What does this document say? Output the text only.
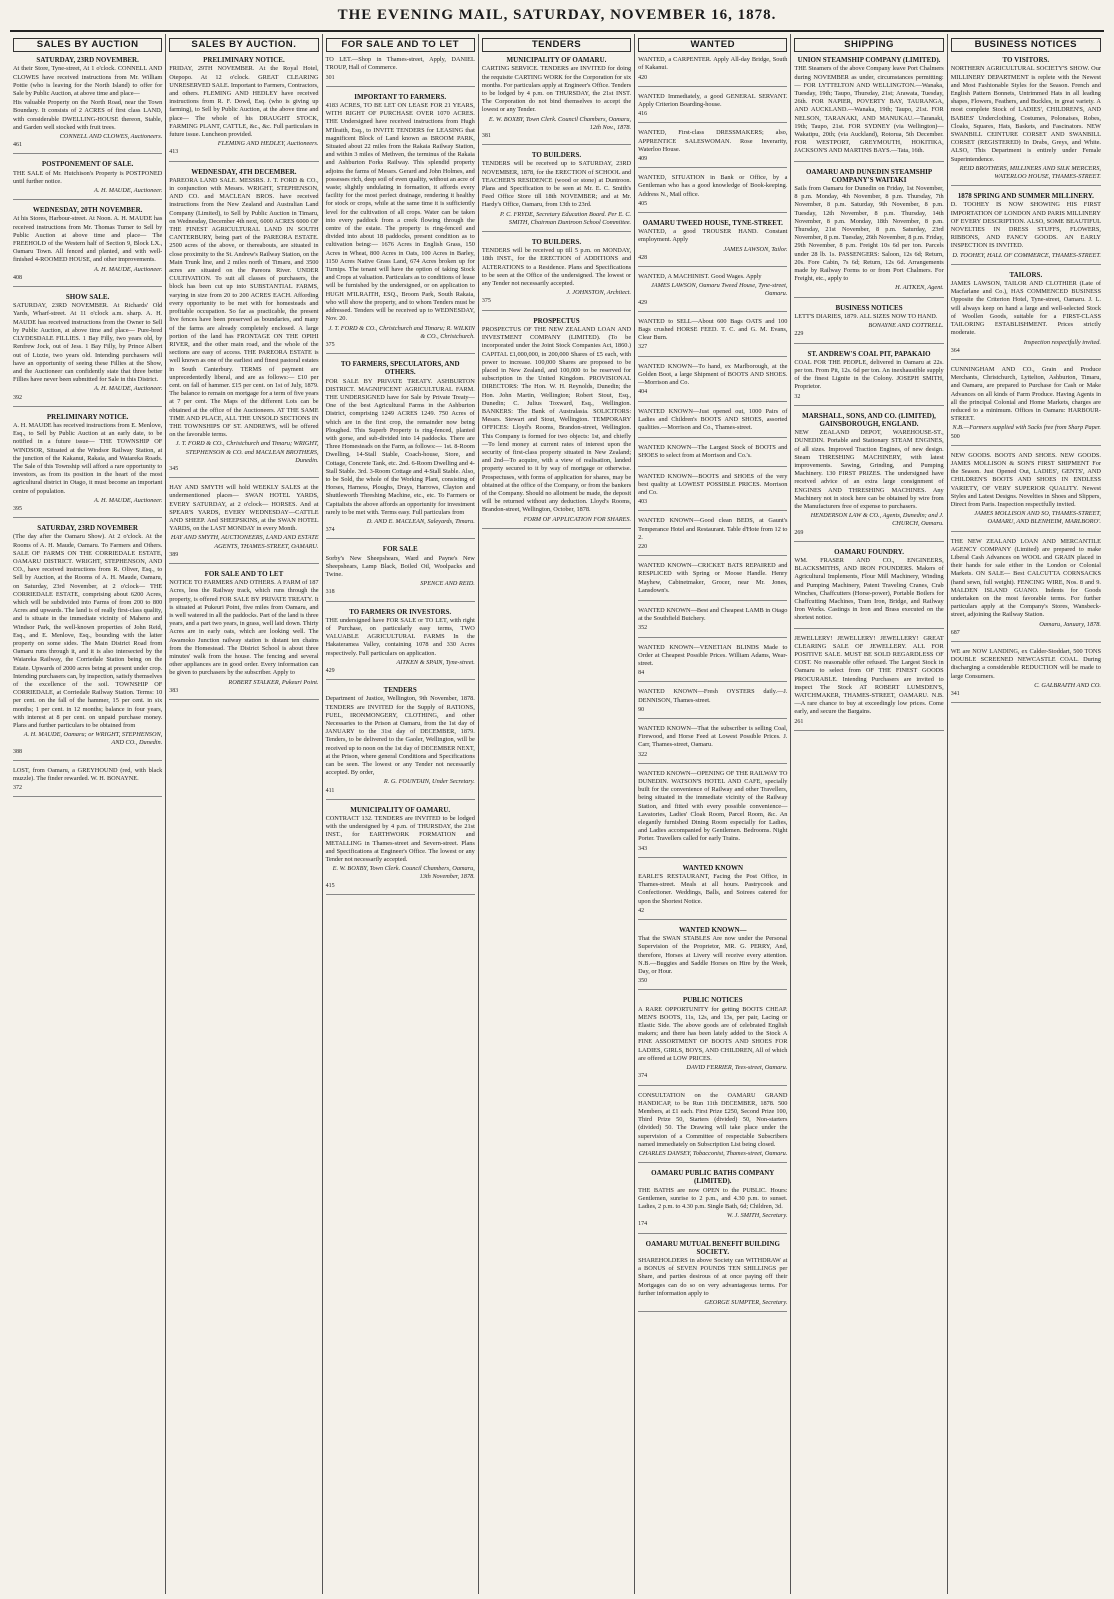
THE EVENING MAIL, SATURDAY, NOVEMBER 16, 1878.
SALES BY AUCTION
SATURDAY, 23RD NOVEMBER.

At their Store, Tyne-street, At 1 o'clock. CONNELL AND CLOWES have received instructions from Mr. William Pottie (who is leaving for the North Island) to offer for Sale by Public Auction, at above time and place—

His valuable Property on the North Road, near the Town Boundary. It consists of 2 ACRES of first class LAND, with considerable DWELLING-HOUSE thereon, Stable, and Garden well stocked with fruit trees.

CONNELL AND CLOWES, Auctioneers.
461
POSTPONEMENT OF SALE.

THE SALE of Mr. Hutchison's Property is POSTPONED until further notice.

A. H. MAUDE, Auctioneer.
WEDNESDAY, 20TH NOVEMBER.

At his Stores, Harbour-street. At Noon. A. H. MAUDE has received instructions from Mr. Thomas Turner to Sell by Public Auction at above time and place— The FREEHOLD of the Western half of Section 9, Block LX., Oamaru Town. All fenced and planted, and with well-finished 4-ROOMED HOUSE, and other improvements.

A. H. MAUDE, Auctioneer.
408
SHOW SALE.

SATURDAY, 23RD NOVEMBER. At Richards' Old Yards, Wharf-street. At 11 o'clock a.m. sharp. A. H. MAUDE has received instructions from the Owner to Sell by Public Auction, at above time and place— Pure-bred CLYDESDALE FILLIES. 1 Bay Filly, two years old, by Renfrew Jock, out of Jess. 1 Bay Filly, by Prince Albert out of Lizzie, two years old. Intending purchasers will have an opportunity of seeing these Fillies at the Show, and the Auctioneer can confidently state that three better Fillies have never been submitted for Sale in this District.

A. H. MAUDE, Auctioneer.
392
PRELIMINARY NOTICE.

A. H. MAUDE has received instructions from E. Menlove, Esq., to Sell by Public Auction at an early date, to be notified in a future issue— THE TOWNSHIP OF WINDSOR, Situated at the Windsor Railway Station, at the junction of the Kakanui, Rakaia, and Waiareka Roads. The Sale of this Township will afford a rare opportunity to investors, as from its position in the heart of the most agricultural district in Otago, it must become an important centre of population.

A. H. MAUDE, Auctioneer.
395
SATURDAY, 23RD NOVEMBER

(The day after the Oamaru Show). At 2 o'clock. At the Rooms of A. H. Maude, Oamaru. To Farmers and Others. SALE OF FARMS ON THE CORRIEDALE ESTATE, OAMARU DISTRICT. WRIGHT, STEPHENSON, AND CO., have received instructions from R. Oliver, Esq., to Sell by Auction, at the Rooms of A. H. Maude, Oamaru, on Saturday, 23rd November, at 2 o'clock— THE CORRIEDALE ESTATE, comprising about 6200 Acres, which will be subdivided into Farms of from 200 to 800 Acres and upwards. The land is of really first-class quality, and is situate in the immediate vicinity of Maheno and Windsor Park, the well-known properties of John Reid, Esq., and E. Menlove, Esq., bounding with the latter property on some sides. The Main District Road from Oamaru runs through it, and it is also intersected by the Waiareka Railway, the Corriedale Station being on the Estate. Upwards of 2000 acres being at present under crop. Intending purchasers can, by inspection, satisfy themselves of the excellence of the soil. TOWNSHIP OF CORRIEDALE, at Corriedale Railway Station. Terms: 10 per cent. on the fall of the hammer, 15 per cent. in six months; 1 per cent. in 12 months; balance in four years, with interest at 8 per cent. on unpaid purchase money. Plans and further particulars to be obtained from

A. H. MAUDE, Oamaru; or WRIGHT, STEPHENSON, AND CO., Dunedin.
388

LOST, from Oamaru, a GREYHOUND (red, with black muzzle). The finder rewarded. W. H. BONAYNE.

372
SALES BY AUCTION.
PRELIMINARY NOTICE.

FRIDAY, 29TH NOVEMBER. At the Royal Hotel, Otepopo. At 12 o'clock. GREAT CLEARING UNRESERVED SALE. Important to Farmers, Contractors, and others. FLEMING AND HEDLEY have received instructions from R. F. Dowd, Esq. (who is giving up farming), to Sell by Public Auction, at the above time and place— The whole of his DRAUGHT STOCK, FARMING PLANT, CATTLE, &c., &c. Full particulars in future issue. Luncheon provided.

FLEMING AND HEDLEY, Auctioneers.
413
WEDNESDAY, 4TH DECEMBER.

PAREORA LAND SALE. MESSRS. J. T. FORD & CO., in conjunction with Messrs. WRIGHT, STEPHENSON, AND CO. and MACLEAN BROS. have received instructions from the New Zealand and Australian Land Company (Limited), to Sell by Public Auction in Timaru, on Wednesday, December 4th next, 6000 ACRES 6000 OF THE FINEST AGRICULTURAL LAND IN SOUTH CANTERBURY, being part of the PAREORA ESTATE. 2500 acres of the above, or thereabouts, are situated in close proximity to the St. Andrew's Railway Station, on the Main Trunk line, and 2 miles north of Timaru, and 3500 acres are situated on the Pareora River. UNDER CULTIVATION. To suit all classes of purchasers, the block has been cut up into SUBSTANTIAL FARMS, varying in size from 20 to 200 ACRES EACH. Affording every opportunity to be met with for homesteads and profitable occupation. So far as practicable, the present live fences have been preserved as boundaries, and many of the farms are already completely enclosed. A large portion of the land has FRONTAGE ON THE OPIHI RIVER, and the other main road, and the whole of the sections are easy of access. THE PAREORA ESTATE is well known as one of the earliest and finest pastoral estates in South Canterbury. TERMS of payment are unprecedentedly liberal, and are as follows:— £10 per cent. on fall of hammer. £15 per cent. on 1st of July, 1879. The balance to remain on mortgage for a term of five years at 7 per cent. The Maps of the different Lots can be obtained at the office of the Auctioneers. AT THE SAME TIME AND PLACE, ALL THE UNSOLD SECTIONS IN THE TOWNSHIPS OF ST. ANDREWS, will be offered on the favorable terms.

J. T. FORD & CO., Christchurch and Timaru; WRIGHT, STEPHENSON & CO. and MACLEAN BROTHERS, Dunedin.
345

HAY AND SMYTH will hold WEEKLY SALES at the undermentioned places— SWAN HOTEL YARDS, EVERY SATURDAY, at 2 o'clock— HORSES. And at SPEAR'S YARDS, EVERY WEDNESDAY—CATTLE AND SHEEP. And SHEEPSKINS, at the SWAN HOTEL YARDS, on the LAST MONDAY in every Month.

HAY AND SMYTH, AUCTIONEERS, LAND AND ESTATE AGENTS, THAMES-STREET, OAMARU.
389
FOR SALE AND TO LET

NOTICE TO FARMERS AND OTHERS. A FARM of 187 Acres, less the Railway track, which runs through the property, is offered FOR SALE BY PRIVATE TREATY. It is situated at Pukeuri Point, five miles from Oamaru, and is well watered in all the paddocks. Part of the land is three years, and a part two years, in grass, well laid down. Thirty Acres are in early oats, which are looking well. The Awamoko Junction railway station is distant ten chains from the Homestead. The District School is about three minutes' walk from the house. The fencing and several other appliances are in good order. Every information can be given to purchasers by the subscriber. Apply to

ROBERT STALKER, Pukeuri Point.
383
FOR SALE AND TO LET

TO LET.—Shop in Thames-street, Apply, DANIEL TROUP, Hall of Commerce.

301
IMPORTANT TO FARMERS.

4183 ACRES, TO BE LET ON LEASE FOR 21 YEARS, WITH RIGHT OF PURCHASE OVER 1070 ACRES. THE Undersigned have received instructions from Hugh M'Ilraith, Esq., to INVITE TENDERS for LEASING that magnificent Block of Land known as BROOM PARK, Situated about 22 miles from the Rakaia Railway Station, and within 3 miles of Methven, the terminus of the Rakaia and Ashburton Forks Railway. This splendid property adjoins the farms of Messrs. Gerard and John Holmes, and possesses rich, deep soil of even quality, without an acre of waste; slightly undulating in formation, it affords every facility for the most perfect drainage, rendering it healthy for stock or crops, while at the same time it is sufficiently level for the cultivation of all crops. Water can be taken into every paddock from a creek flowing through the centre of the estate. The property is ring-fenced and divided into about 18 paddocks, present condition as to cultivation being:— 1676 Acres in English Grass, 150 Acres in Wheat, 800 Acres in Oats, 100 Acres in Barley, 1150 Acres Native Grass Land, 674 Acres broken up for Turnips. The tenant will have the option of taking Stock and Crops at valuation. Particulars as to conditions of lease will be furnished by the undersigned, or on application to HUGH M'ILRAITH, ESQ., Broom Park, South Rakaia, who will show the property, and to whom Tenders must be addressed. Tenders will be received up to WEDNESDAY, Nov. 20.

J. T. FORD & CO., Christchurch and Timaru; R. WILKIN & CO., Christchurch.
375
TO FARMERS, SPECULATORS, AND OTHERS.

FOR SALE BY PRIVATE TREATY. ASHBURTON DISTRICT. MAGNIFICENT AGRICULTURAL FARM. THE UNDERSIGNED have for Sale by Private Treaty— One of the best Agricultural Farms in the Ashburton District, comprising 1249 ACRES 1249. 750 Acres of which are in the first crop, the remainder now being Ploughed. This Superb Property is ring-fenced, planted with gorse, and sub-divided into 14 paddocks. There are Three Homesteads on the Farm, as follows:— 1st. 8-Room Dwelling, 14-Stall Stable, Coach-house, Store, and Cottage, Concrete Tank, etc. 2nd. 6-Room Dwelling and 4-Stall Stable. 3rd. 3-Room Cottage and 4-Stall Stable. Also, to be Sold, the whole of the Working Plant, consisting of Horses, Harness, Ploughs, Drays, Harrows, Clayton and Shuttleworth Threshing Machine, etc., etc. To Farmers or Capitalists the above affords an opportunity for investment rarely to be met with. Terms easy. Full particulars from

D. AND E. MACLEAN, Saleyards, Timaru.
374
FOR SALE

Sorby's New Sheepshears, Ward and Payne's New Sheepshears, Lamp Black, Boiled Oil, Woolpacks and Twine.

SPENCE AND REID.
318
TO FARMERS OR INVESTORS.

THE undersigned have FOR SALE or TO LET, with right of Purchase, on particularly easy terms, TWO VALUABLE AGRICULTURAL FARMS In the Hakateramea Valley, containing 1078 and 330 Acres respectively. Full particulars on application.

AITKEN & SPAIN, Tyne-street.
429
TENDERS

Department of Justice, Wellington, 9th November, 1878. TENDERS are INVITED for the Supply of RATIONS, FUEL, IRONMONGERY, CLOTHING, and other Necessaries to the Prison at Oamaru, from the 1st day of JANUARY to the 31st day of DECEMBER, 1879. Tenders, to be delivered to the Gaoler, Wellington, will be received up to noon on the 1st day of DECEMBER NEXT, at the Prison, where general Conditions and Specifications can be seen. The lowest or any Tender not necessarily accepted. By order,

R. G. FOUNTAIN, Under Secretary.
411
MUNICIPALITY OF OAMARU.

CONTRACT 132. TENDERS are INVITED to be lodged with the undersigned by 4 p.m. of THURSDAY, the 21st INST., for EARTHWORK FORMATION and METALLING in Thames-street and Severn-street. Plans and Specifications at Engineer's Office. The lowest or any Tender not necessarily accepted.

E. W. BOXBY, Town Clerk. Council Chambers, Oamaru, 13th November, 1878.
415
TENDERS
MUNICIPALITY OF OAMARU.

CARTING SERVICE. TENDERS are INVITED for doing the requisite CARTING WORK for the Corporation for six months. For particulars apply at Engineer's Office. Tenders to be lodged by 4 p.m. on THURSDAY, the 21st INST. The Corporation do not bind themselves to accept the lowest or any Tender.

E. W. BOXBY, Town Clerk. Council Chambers, Oamaru, 12th Nov., 1878.
381
TO BUILDERS.

TENDERS will be received up to SATURDAY, 23RD NOVEMBER, 1878, for the ERECTION of SCHOOL and TEACHER'S RESIDENCE (wood or stone) at Duntroon. Plans and Specification to be seen at Mr. E. C. Smith's Feed Office Store till 18th NOVEMBER; and at Mr. Hardy's Office, Oamaru, from 13th to 23rd.

P. C. FRYDE, Secretary Education Board. Per E. C. SMITH, Chairman Duntroon School Committee.
TO BUILDERS.

TENDERS will be received up till 5 p.m. on MONDAY, 18th INST., for the ERECTION of ADDITIONS and ALTERATIONS to a Residence. Plans and Specifications to be seen at the Office of the undersigned. The lowest or any Tender not necessarily accepted.

J. JOHNSTON, Architect.
375
PROSPECTUS

PROSPECTUS OF THE NEW ZEALAND LOAN AND INVESTMENT COMPANY (LIMITED). (To be incorporated under the Joint Stock Companies Act, 1860.) CAPITAL £1,000,000, in 200,000 Shares of £5 each, with power to increase. 100,000 Shares are proposed to be placed in New Zealand, and 100,000 to be reserved for subscription in the United Kingdom. PROVISIONAL DIRECTORS: The Hon. W. H. Reynolds, Dunedin; the Hon. John Martin, Wellington; Robert Stout, Esq., Dunedin; C. Julius Toxward, Esq., Wellington. BANKERS: The Bank of Australasia. SOLICITORS: Messrs. Stewart and Stout, Wellington. TEMPORARY OFFICES: Lloyd's Rooms, Brandon-street, Wellington. This Company is formed for two objects: 1st, and chiefly—To lend money at current rates of interest upon the security of first-class property situated in New Zealand; and 2nd—To acquire, with a view of realisation, landed property secured to it by way of mortgage or otherwise. Prospectuses, with forms of application for shares, may be obtained at the office of the Company, or from the bankers of the Company. Should no allotment be made, the deposit will be returned without any deduction. Lloyd's Rooms, Brandon-street, Wellington, October, 1878.

FORM OF APPLICATION FOR SHARES.
WANTED

WANTED, a CARPENTER. Apply All-day Bridge, South of Kakanui.

420

WANTED Immediately, a good GENERAL SERVANT. Apply Criterion Boarding-house.

416

WANTED, First-class DRESSMAKERS; also, APPRENTICE SALESWOMAN. Rose Inverarity, Waterloo House.

409

WANTED, SITUATION in Bank or Office, by a Gentleman who has a good knowledge of Book-keeping. Address N., Mail office.

405
OAMARU TWEED HOUSE, TYNE-STREET.

WANTED, a good TROUSER HAND. Constant employment. Apply

JAMES LAWSON, Tailor.
428

WANTED, A MACHINIST. Good Wages. Apply

JAMES LAWSON, Oamaru Tweed House, Tyne-street, Oamaru.
429

WANTED to SELL—About 600 Bags OATS and 100 Bags crushed HORSE FEED. T. C. and G. M. Evans, Clear Burn.

327

WANTED KNOWN—To hand, ex Marlborough, at the Golden Boot, a large Shipment of BOOTS AND SHOES.—Morrison and Co.

404

WANTED KNOWN—Just opened out, 1000 Pairs of Ladies and Children's BOOTS AND SHOES, assorted qualities.—Morrison and Co., Thames-street.

WANTED KNOWN—The Largest Stock of BOOTS and SHOES to select from at Morrison and Co.'s.

WANTED KNOWN—BOOTS and SHOES of the very best quality at LOWEST POSSIBLE PRICES. Morrison and Co.

403

WANTED KNOWN—Good clean BEDS, at Gaunt's Temperance Hotel and Restaurant. Table d'Hote from 12 to 2.

220

WANTED KNOWN—CRICKET BATS REPAIRED and RESPLICED with Spring or Moose Handle. Henry Mayhew, Cabinetmaker, Grocer, near Mr. Jones, Lansdown's.

WANTED KNOWN—Best and Cheapest LAMB in Otago at the Southfield Butchery.

352

WANTED KNOWN—VENETIAN BLINDS Made to Order at Cheapest Possible Prices. William Adams, Wear-street.

84

WANTED KNOWN—Fresh OYSTERS daily.—J. DENNISON, Thames-street.

90

WANTED KNOWN—That the subscriber is selling Coal, Firewood, and Horse Feed at Lowest Possible Prices. J. Carr, Thames-street, Oamaru.

322

WANTED KNOWN—OPENING OF THE RAILWAY TO DUNEDIN. WATSON'S HOTEL AND CAFE, specially built for the convenience of Railway and other Travellers, being situated in the immediate vicinity of the Railway Station, and fitted with every possible convenience—Lavatories, Ladies' Cloak Room, Parcel Room, &c. An elegantly furnished Dining Room especially for Ladies, and Ladies accompanied by Gentlemen. Bedrooms. Night Porter. Travellers called for early Trains.

343
WANTED KNOWN

EARLE'S RESTAURANT, Facing the Post Office, in Thames-street. Meals at all hours. Pastrycook and Confectioner. Weddings, Balls, and Soirees catered for upon the Shortest Notice.

42
WANTED KNOWN—

That the SWAN STABLES Are now under the Personal Supervision of the Proprietor, MR. G. PERRY, And, therefore, Horses at Livery will receive every attention. N.B.—Buggies and Saddle Horses on Hire by the Week, Day, or Hour.

350
PUBLIC NOTICES

A RARE OPPORTUNITY for getting BOOTS CHEAP. MEN'S BOOTS, 11s, 12s, and 13s, per pair, Lacing or Elastic Side. The above goods are of celebrated English makers; and there has been lately added to the Stock A FINE ASSORTMENT OF BOOTS AND SHOES FOR LADIES, GIRLS, BOYS, AND CHILDREN, All of which are offered at LOW PRICES.

DAVID FERRIER, Tees-street, Oamaru.
374

CONSULTATION on the OAMARU GRAND HANDICAP, to be Run 11th DECEMBER, 1878. 500 Members, at £1 each. First Prize £250, Second Prize 100, Third Prize 50, Starters (divided) 50, Non-starters (divided) 50. The Drawing will take place under the supervision of a Committee of respectable Subscribers named immediately on Subscription List being closed.

CHARLES DANSEY, Tobacconist, Thames-street, Oamaru.
OAMARU PUBLIC BATHS COMPANY (LIMITED).

THE BATHS are now OPEN to the PUBLIC. Hours: Gentlemen, sunrise to 2 p.m., and 4.30 p.m. to sunset. Ladies, 2 p.m. to 4.30 p.m. Single Bath, 6d; Children, 3d.

W. J. SMITH, Secretary.
174
OAMARU MUTUAL BENEFIT BUILDING SOCIETY.

SHAREHOLDERS in above Society can WITHDRAW at a BONUS of SEVEN POUNDS TEN SHILLINGS per Share, and parties desirous of at once paying off their Mortgages can do so on very advantageous terms. For further information apply to

GEORGE SUMPTER, Secretary.
SHIPPING
UNION STEAMSHIP COMPANY (LIMITED).

THE Steamers of the above Company leave Port Chalmers during NOVEMBER as under, circumstances permitting:— FOR LYTTELTON AND WELLINGTON.—Wanaka, Tuesday, 19th; Taupo, Thursday, 21st; Arawata, Tuesday, 26th. FOR NAPIER, POVERTY BAY, TAURANGA, AND AUCKLAND.—Wanaka, 19th; Taupo, 21st. FOR NELSON, TARANAKI, AND MANUKAU.—Taranaki, 19th; Taupo, 21st. FOR SYDNEY (via Wellington)—Wakatipu, 20th; (via Auckland), Rotorua, 5th December. FOR WESTPORT, GREYMOUTH, HOKITIKA, JACKSON'S AND MARTINS BAYS.—Tata, 16th.

OAMARU AND DUNEDIN STEAMSHIP COMPANY'S WAITAKI

Sails from Oamaru for Dunedin on Friday, 1st November, 8 p.m. Monday, 4th November, 8 p.m. Thursday, 7th November, 8 p.m. Saturday, 9th November, 8 p.m. Tuesday, 12th November, 8 p.m. Thursday, 14th November, 8 p.m. Monday, 18th November, 8 p.m. Thursday, 21st November, 8 p.m. Saturday, 23rd November, 8 p.m. Tuesday, 26th November, 8 p.m. Friday, 29th November, 8 p.m. Freight 10s 6d per ton. Parcels under 28 lb. 1s. PASSENGERS: Saloon, 12s 6d; Return, 20s. Fore Cabin, 7s 6d; Return, 12s 6d. Arrangements made by Railway Forms to or from Port Chalmers. For Freight, etc., apply to

H. AITKEN, Agent.
BUSINESS NOTICES

LETT'S DIARIES, 1879. ALL SIZES NOW TO HAND.

BONAYNE AND COTTRELL.
229
ST. ANDREW'S COAL PIT, PAPAKAIO

COAL FOR THE PEOPLE, delivered in Oamaru at 22s. per ton. From Pit, 12s. 6d per ton. An inexhaustible supply of the finest Lignite in the Colony. JOSEPH SMITH, Proprietor.

32
MARSHALL, SONS, AND CO. (LIMITED), GAINSBOROUGH, ENGLAND.

NEW ZEALAND DEPOT, WAREHOUSE-ST., DUNEDIN. Portable and Stationary STEAM ENGINES, of all sizes. Improved Traction Engines, of new design. Steam THRESHING MACHINERY, with latest improvements. Sawing, Grinding, and Pumping Machinery. 130 FIRST PRIZES. The undersigned have received advice of an extra large consignment of ENGINES AND THRESHING MACHINES. Any Machinery not in stock here can be obtained by wire from the Manufacturers free of expense to purchasers.

HENDERSON LAW & CO., Agents, Dunedin; and J. CHURCH, Oamaru.
269
OAMARU FOUNDRY.

WM. FRASER AND CO., ENGINEERS, BLACKSMITHS, AND IRON FOUNDERS. Makers of Agricultural Implements, Flour Mill Machinery, Winding and Pumping Machinery, Patent Traveling Cranes, Crab Winches, Chaffcutters (Horse-power), Portable Boilers for Chaffcutting Machines, Tram Iron, Bridge, and Railway Iron Works. Castings in Iron and Brass executed on the shortest notice.

JEWELLERY! JEWELLERY! JEWELLERY! GREAT CLEARING SALE OF JEWELLERY. ALL FOR POSITIVE SALE. MUST BE SOLD REGARDLESS OF COST. No reasonable offer refused. The Largest Stock in Oamaru to select from OF THE FINEST GOODS PROCURABLE. Intending Purchasers are invited to inspect The Stock AT ROBERT LUMSDEN'S, WATCHMAKER, THAMES-STREET, OAMARU. N.B.—A rare chance to buy at exceedingly low prices. Come early, and secure the Bargains.

261
BUSINESS NOTICES
TO VISITORS.

NORTHERN AGRICULTURAL SOCIETY'S SHOW. Our MILLINERY DEPARTMENT is replete with the Newest and Most Fashionable Styles for the Season. French and English Pattern Bonnets, Untrimmed Hats in all leading shapes, Flowers, Feathers, and Buckles, in great variety. A most complete Stock of LADIES', CHILDREN'S, AND BABIES' Underclothing, Costumes, Polonaises, Robes, Cloaks, Squares, Hats, Baskets, and Fascinators. NEW SWANBILL CEINTURE CORSET AND SWANBILL CORSET (REGISTERED) In Drabs, Greys, and White. ALSO, This Department is entirely under Female Superintendence.

REID BROTHERS, MILLINERS AND SILK MERCERS, WATERLOO HOUSE, THAMES-STREET.
1878 SPRING AND SUMMER MILLINERY.

D. TOOHEY IS NOW SHOWING HIS FIRST IMPORTATION OF LONDON AND PARIS MILLINERY OF EVERY DESCRIPTION. ALSO, SOME BEAUTIFUL NOVELTIES IN DRESS STUFFS, FLOWERS, RIBBONS, AND FANCY GOODS. AN EARLY INSPECTION IS INVITED.

D. TOOHEY, HALL OF COMMERCE, THAMES-STREET.
TAILORS.

JAMES LAWSON, TAILOR AND CLOTHIER (Late of Macfarlane and Co.), HAS COMMENCED BUSINESS Opposite the Criterion Hotel, Tyne-street, Oamaru. J. L. will always keep on hand a large and well-selected Stock of Woollen Goods, suitable for a FIRST-CLASS TAILORING ESTABLISHMENT. Prices strictly moderate.

Inspection respectfully invited.
364

CUNNINGHAM AND CO., Grain and Produce Merchants, Christchurch, Lyttelton, Ashburton, Timaru, and Oamaru, are prepared to Purchase for Cash or Make Advances on all kinds of Farm Produce. Having Agents in all the principal Colonial and Home Markets, charges are reduced to a minimum. Offices in Oamaru: HARBOUR-STREET.

N.B.—Farmers supplied with Sacks free from Sharp Paper.
500

NEW GOODS. BOOTS AND SHOES. NEW GOODS. JAMES MOLLISON & SON'S FIRST SHIPMENT For the Season. Just Opened Out, LADIES', GENTS', AND CHILDREN'S BOOTS AND SHOES IN ENDLESS VARIETY, OF VERY SUPERIOR QUALITY. Newest Styles and Latest Designs. Novelties in Shoes and Slippers, Direct from Paris. Inspection respectfully invited.

JAMES MOLLISON AND SO, THAMES-STREET, OAMARU, AND BLENHEIM, MARLBORO'.

THE NEW ZEALAND LOAN AND MERCANTILE AGENCY COMPANY (Limited) are prepared to make Liberal Cash Advances on WOOL and GRAIN placed in their hands for sale either in the London or Colonial Markets. ON SALE— Best CALCUTTA CORNSACKS (hand sewn, full weight). FENCING WIRE, Nos. 8 and 9. MALDEN ISLAND GUANO. Indents for Goods undertaken on the most favorable terms. For further particulars apply at the Company's Stores, Wansbeck-street, adjoining the Railway Station.

Oamaru, January, 1878.
687

WE are NOW LANDING, ex Calder-Stoddart, 500 TONS DOUBLE SCREENED NEWCASTLE COAL. During discharging a considerable REDUCTION will be made to large Consumers.

C. GALBRAITH AND CO.
341
